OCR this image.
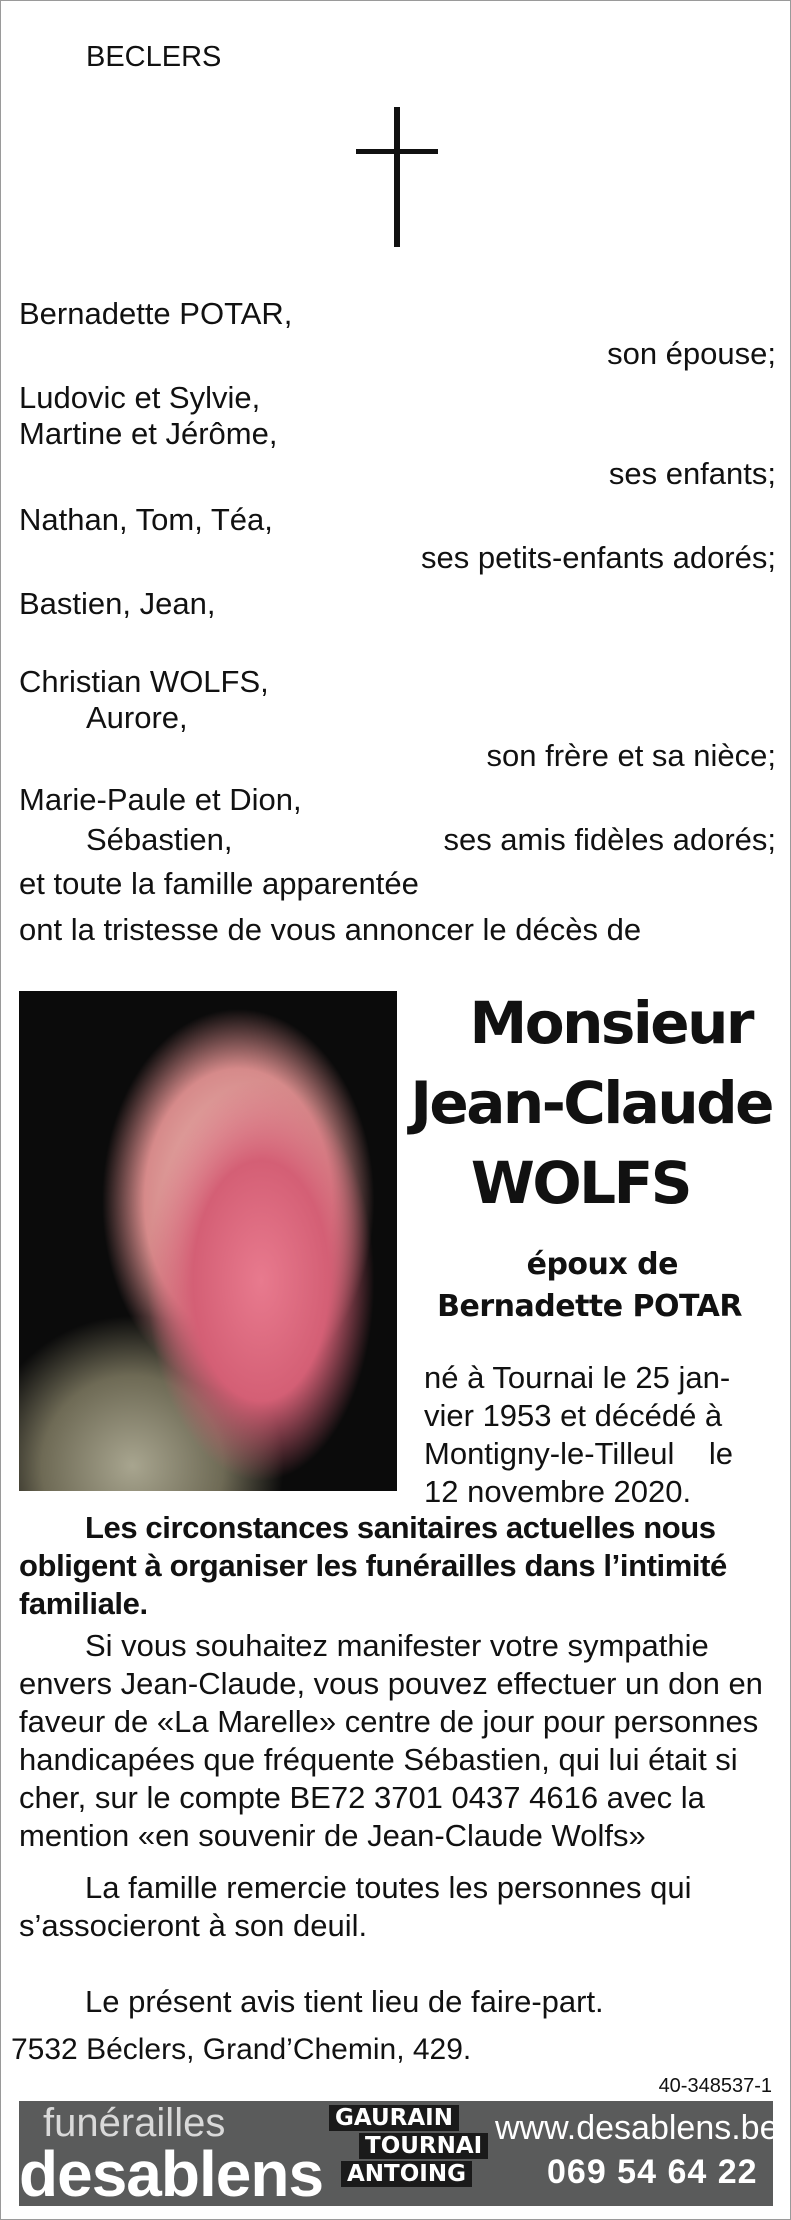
BECLERS
Bernadette POTAR,
son épouse;
Ludovic et Sylvie,
Martine et Jérôme,
ses enfants;
Nathan, Tom, Téa,
ses petits-enfants adorés;
Bastien, Jean,
Christian WOLFS,
Aurore,
son frère et sa nièce;
Marie-Paule et Dion,
Sébastien,	ses amis fidèles adorés;
et toute la famille apparentée
ont la tristesse de vous annoncer le décès de
Monsieur
Jean-Claude
WOLFS
époux de
Bernadette POTAR
né à Tournai le 25 jan-
vier 1953 et décédé à
Montigny-le-Tilleul    le
12 novembre 2020.
Les circonstances sanitaires actuelles nous obligent à organiser les funérailles dans l’intimité familiale.
Si vous souhaitez manifester votre sympathie envers Jean-Claude, vous pouvez effectuer un don en faveur de «La Marelle» centre de jour pour personnes handicapées que fréquente Sébastien, qui lui était si cher, sur le compte BE72 3701 0437 4616 avec la mention «en souvenir de Jean-Claude Wolfs»
La famille remercie toutes les personnes qui s’associeront à son deuil.
Le présent avis tient lieu de faire-part.
7532 Béclers, Grand’Chemin, 429.
40-348537-1
funérailles
desablens
GAURAIN
TOURNAI
ANTOING
www.desablens.be
069 54 64 22
